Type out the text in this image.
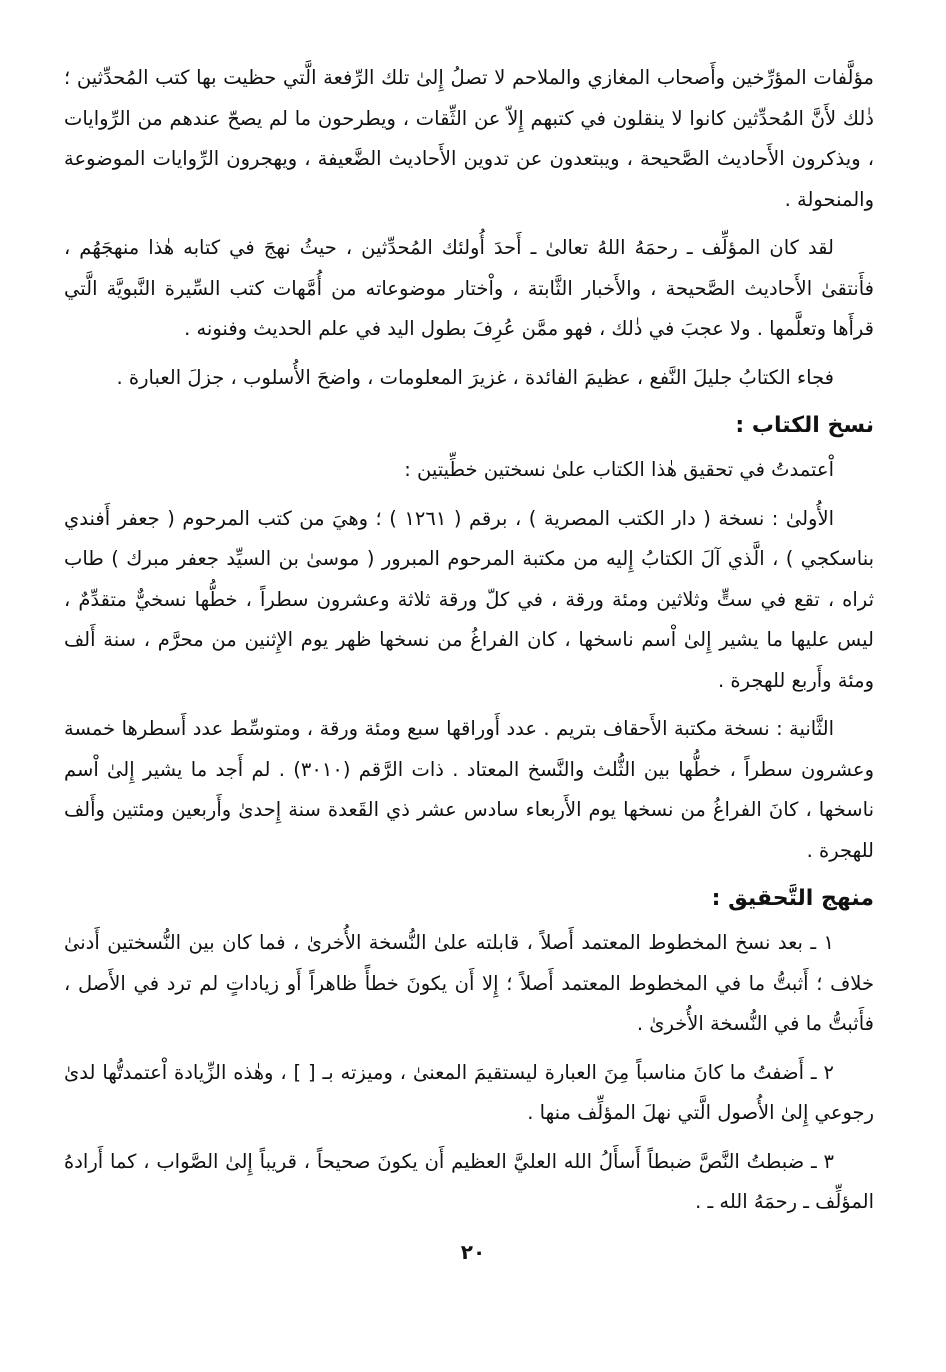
مؤلَّفات المؤرِّخين وأَصحاب المغازي والملاحم لا تصلُ إِلىٰ تلك الرِّفعة الَّتي حظيت بها كتب المُحدِّثين ؛ ذٰلك لأَنَّ المُحدِّثين كانوا لا ينقلون في كتبهم إِلاّ عن الثِّقات ، ويطرحون ما لم يصحّ عندهم من الرِّوايات ، ويذكرون الأَحاديث الصَّحيحة ، ويبتعدون عن تدوين الأَحاديث الضَّعيفة ، ويهجرون الرِّوايات الموضوعة والمنحولة .

لقد كان المؤلِّف ـ رحمَهُ اللهُ تعالىٰ ـ أَحدَ أُولئك المُحدِّثين ، حيثُ نهجَ في كتابه هٰذا منهجَهُم ، فأَنتقىٰ الأَحاديث الصَّحيحة ، والأَخبار الثَّابتة ، واْختار موضوعاته من أُمَّهات كتب السِّيرة النَّبويَّة الَّتي قرأَها وتعلَّمها . ولا عجبَ في ذٰلك ، فهو ممَّن عُرِفَ بطول اليد في علم الحديث وفنونه .

فجاء الكتابُ جليلَ النَّفع ، عظيمَ الفائدة ، غزيرَ المعلومات ، واضحَ الأُسلوب ، جزلَ العبارة .

نسخ الكتاب :

اْعتمدتُ في تحقيق هٰذا الكتاب علىٰ نسختين خطِّيتين :

الأُولىٰ : نسخة ( دار الكتب المصرية ) ، برقم ( ١٢٦١ ) ؛ وهيَ من كتب المرحوم ( جعفر أَفندي بناسكجي ) ، الَّذي آلَ الكتابُ إِليه من مكتبة المرحوم المبرور ( موسىٰ بن السيِّد جعفر مبرك ) طاب ثراه ، تقع في ستٍّ وثلاثين ومئة ورقة ، في كلّ ورقة ثلاثة وعشرون سطراً ، خطُّها نسخيٌّ متقدِّمٌ ، ليس عليها ما يشير إِلىٰ اْسم ناسخها ، كان الفراغُ من نسخها ظهر يوم الإِثنين من محرَّم ، سنة أَلف ومئة وأَربع للهجرة .

الثَّانية : نسخة مكتبة الأَحقاف بتريم . عدد أَوراقها سبع ومئة ورقة ، ومتوسِّط عدد أَسطرها خمسة وعشرون سطراً ، خطُّها بين الثُّلث والنَّسخ المعتاد . ذات الرَّقم (٣٠١٠) . لم أَجد ما يشير إِلىٰ اْسم ناسخها ، كانَ الفراغُ من نسخها يوم الأَربعاء سادس عشر ذي القَعدة سنة إِحدىٰ وأَربعين ومئتين وأَلف للهجرة .

منهج التَّحقيق :

١ ـ بعد نسخ المخطوط المعتمد أَصلاً ، قابلته علىٰ النُّسخة الأُخرىٰ ، فما كان بين النُّسختين أَدنىٰ خلاف ؛ أَثبتُّ ما في المخطوط المعتمد أَصلاً ؛ إِلا أَن يكونَ خطأً ظاهراً أَو زياداتٍ لم ترد في الأَصل ، فأَثبتُّ ما في النُّسخة الأُخرىٰ .

٢ ـ أَضفتُ ما كانَ مناسباً مِنَ العبارة ليستقيمَ المعنىٰ ، وميزته بـ [ ] ، وهٰذه الزِّيادة اْعتمدتُّها لدىٰ رجوعي إِلىٰ الأُصول الَّتي نهلَ المؤلِّف منها .

٣ ـ ضبطتُ النَّصَّ ضبطاً أَسأَلُ الله العليَّ العظيم أَن يكونَ صحيحاً ، قريباً إِلىٰ الصَّواب ، كما أَرادهُ المؤلِّف ـ رحمَهُ الله ـ .

٢٠
